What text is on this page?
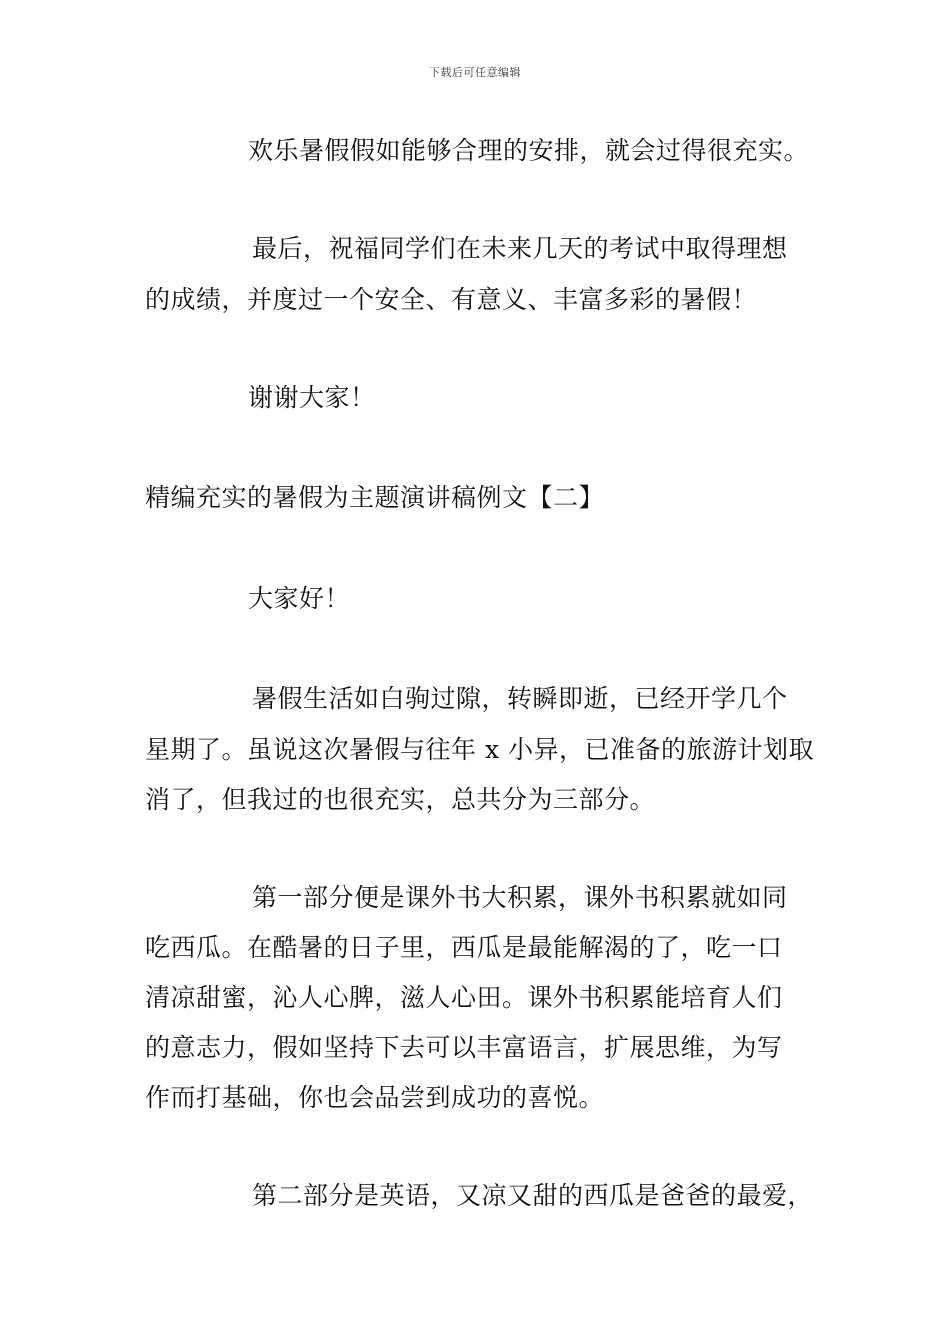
下载后可任意编辑
欢乐暑假假如能够合理的安排，就会过得很充实。
最后，祝福同学们在未来几天的考试中取得理想
的成绩，并度过一个安全、有意义、丰富多彩的暑假！
谢谢大家！
精编充实的暑假为主题演讲稿例文【二】
大家好！
暑假生活如白驹过隙，转瞬即逝，已经开学几个
星期了。虽说这次暑假与往年 x 小异，已准备的旅游计划取
消了，但我过的也很充实，总共分为三部分。
第一部分便是课外书大积累，课外书积累就如同
吃西瓜。在酷暑的日子里，西瓜是最能解渴的了，吃一口
清凉甜蜜，沁人心脾，滋人心田。课外书积累能培育人们
的意志力，假如坚持下去可以丰富语言，扩展思维，为写
作而打基础，你也会品尝到成功的喜悦。
第二部分是英语，又凉又甜的西瓜是爸爸的最爱，
